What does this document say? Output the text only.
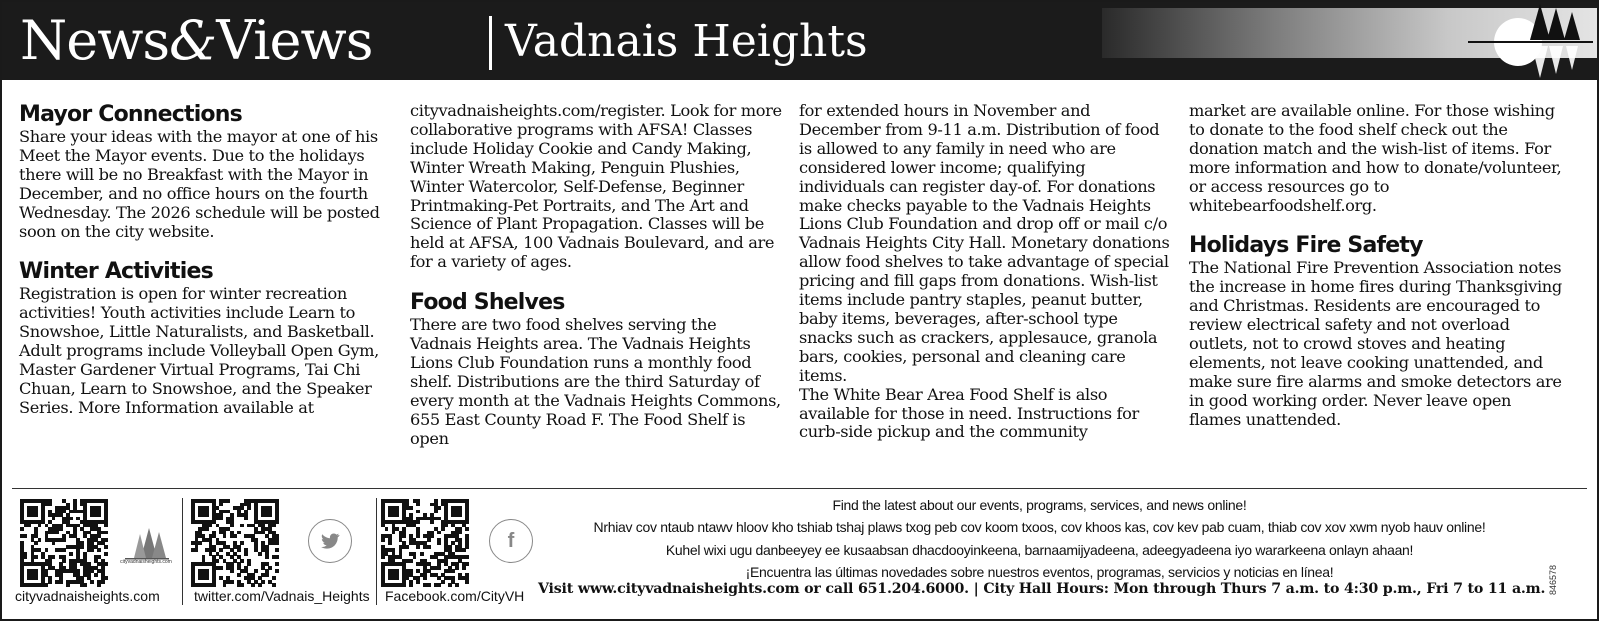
News&Views	Vadnais Heights
Mayor Connections

Share your ideas with the mayor at one of his Meet the Mayor events. Due to the holidays there will be no Breakfast with the Mayor in December, and no office hours on the fourth Wednesday. The 2026 schedule will be posted soon on the city website.

Winter Activities

Registration is open for winter recreation activities! Youth activities include Learn to Snowshoe, Little Naturalists, and Basketball. Adult programs include Volleyball Open Gym, Master Gardener Virtual Programs, Tai Chi Chuan, Learn to Snowshoe, and the Speaker Series. More Information available at

cityvadnaisheights.com/register. Look for more collaborative programs with AFSA! Classes include Holiday Cookie and Candy Making, Winter Wreath Making, Penguin Plushies, Winter Watercolor, Self-Defense, Beginner Printmaking-Pet Portraits, and The Art and Science of Plant Propagation. Classes will be held at AFSA, 100 Vadnais Boulevard, and are for a variety of ages.

Food Shelves

There are two food shelves serving the Vadnais Heights area. The Vadnais Heights Lions Club Foundation runs a monthly food shelf. Distributions are the third Saturday of every month at the Vadnais Heights Commons, 655 East County Road F. The Food Shelf is open

for extended hours in November and December from 9-11 a.m. Distribution of food is allowed to any family in need who are considered lower income; qualifying individuals can register day-of. For donations make checks payable to the Vadnais Heights Lions Club Foundation and drop off or mail c/o Vadnais Heights City Hall. Monetary donations allow food shelves to take advantage of special pricing and fill gaps from donations. Wish-list items include pantry staples, peanut butter, baby items, beverages, after-school type snacks such as crackers, applesauce, granola bars, cookies, personal and cleaning care items.

The White Bear Area Food Shelf is also available for those in need. Instructions for curb-side pickup and the community

market are available online. For those wishing to donate to the food shelf check out the donation match and the wish-list of items. For more information and how to donate/volunteer, or access resources go to whitebearfoodshelf.org.

Holidays Fire Safety

The National Fire Prevention Association notes the increase in home fires during Thanksgiving and Christmas. Residents are encouraged to review electrical safety and not overload outlets, not to crowd stoves and heating elements, not leave cooking unattended, and make sure fire alarms and smoke detectors are in good working order. Never leave open flames unattended.

cityvadnaisheights.com
cityvadnaisheights.com twitter.com/Vadnais_Heights
f
Facebook.com/CityVH
Find the latest about our events, programs, services, and news online!
Nrhiav cov ntaub ntawv hloov kho tshiab tshaj plaws txog peb cov koom txoos, cov khoos kas, cov kev pab cuam, thiab cov xov xwm nyob hauv online!
Kuhel wixi ugu danbeeyey ee kusaabsan dhacdooyinkeena, barnaamijyadeena, adeegyadeena iyo wararkeena onlayn ahaan!
¡Encuentra las últimas novedades sobre nuestros eventos, programas, servicios y noticias en línea!
Visit www.cityvadnaisheights.com or call 651.204.6000. | City Hall Hours: Mon through Thurs 7 a.m. to 4:30 p.m., Fri 7 to 11 a.m. 846578
